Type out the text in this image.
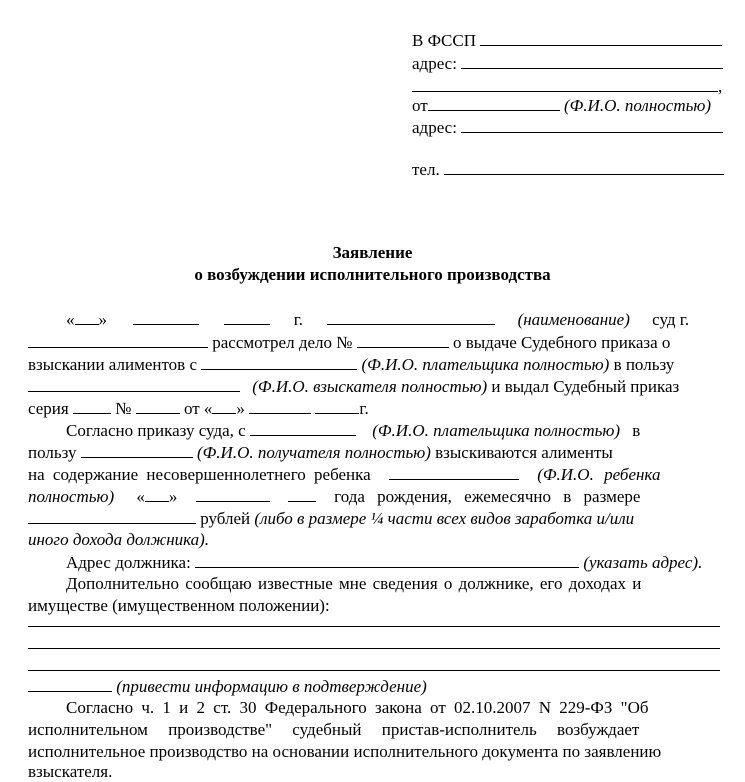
В ФССП
адрес:
,
от	(Ф.И.О. полностью)
адрес:
тел.
Заявление
о возбуждении исполнительного производства
« »	г.	(наименование) суд г.
рассмотрел дело №	о выдаче Судебного приказа о
взыскании алиментов с	(Ф.И.О. плательщика полностью) в пользу
(Ф.И.О. взыскателя полностью) и выдал Судебный приказ
серия	№	от « »	г.
Согласно приказу суда, с	(Ф.И.О. плательщика полностью) в
пользу	(Ф.И.О. получателя полностью) взыскиваются алименты
на содержание несовершеннолетнего ребенка	(Ф.И.О. ребенка
полностью) « »	года рождения, ежемесячно в размере
рублей (либо в размере ¼ части всех видов заработка и/или
иного дохода должника).
Адрес должника:	(указать адрес).
Дополнительно сообщаю известные мне сведения о должнике, его доходах и
имуществе (имущественном положении):
(привести информацию в подтверждение)
Согласно ч. 1 и 2 ст. 30 Федерального закона от 02.10.2007 N 229-ФЗ "Об
исполнительном производстве" судебный пристав-исполнитель возбуждает
исполнительное производство на основании исполнительного документа по заявлению
взыскателя.
